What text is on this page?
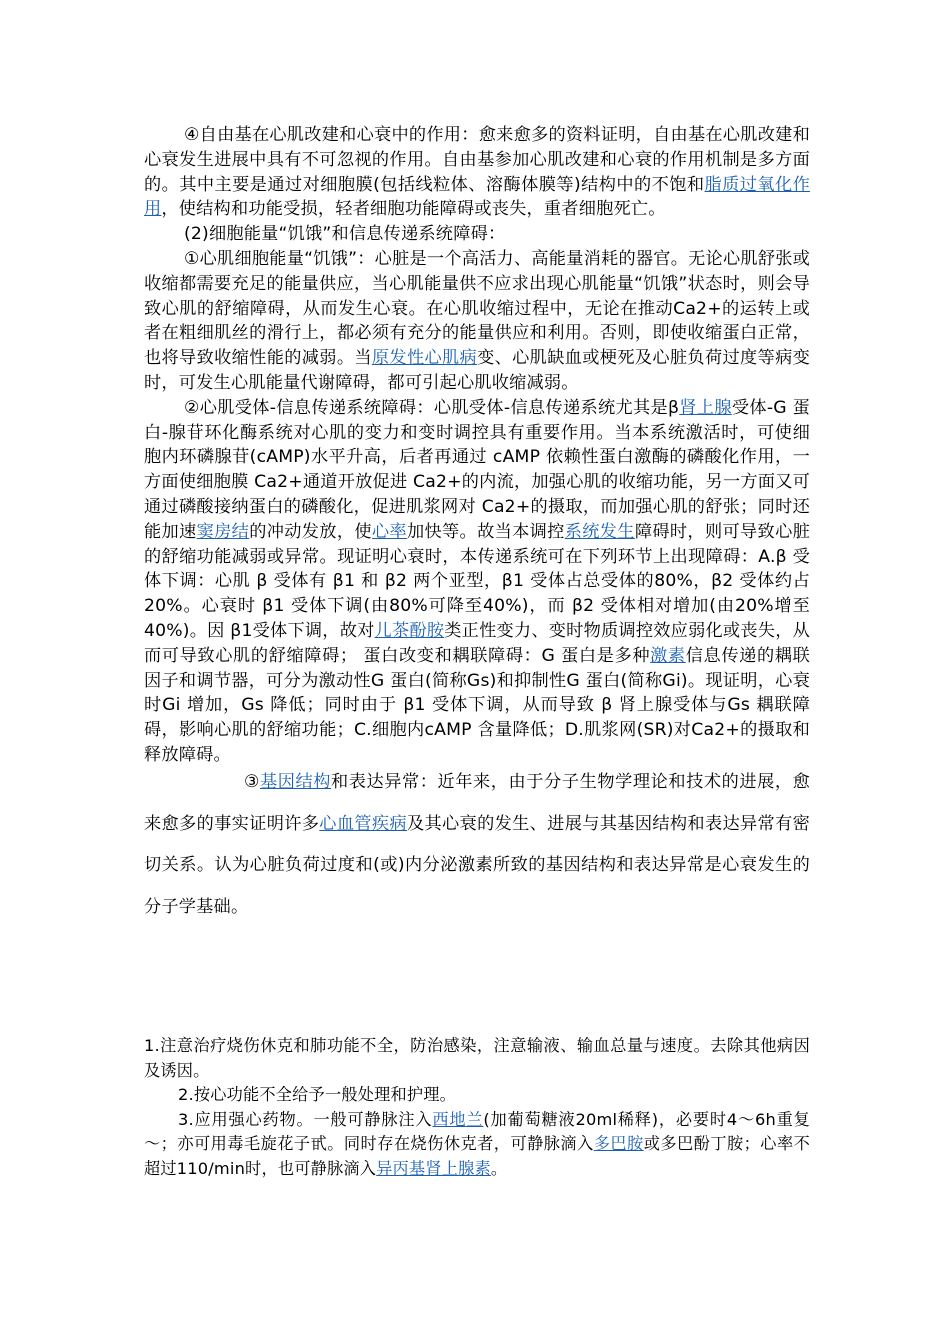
④自由基在心肌改建和心衰中的作用：愈来愈多的资料证明，自由基在心肌改建和心衰发生进展中具有不可忽视的作用。自由基参加心肌改建和心衰的作用机制是多方面的。其中主要是通过对细胞膜(包括线粒体、溶酶体膜等)结构中的不饱和脂质过氧化作用，使结构和功能受损，轻者细胞功能障碍或丧失，重者细胞死亡。

(2)细胞能量“饥饿”和信息传递系统障碍：

①心肌细胞能量“饥饿”：心脏是一个高活力、高能量消耗的器官。无论心肌舒张或收缩都需要充足的能量供应，当心肌能量供不应求出现心肌能量“饥饿”状态时，则会导致心肌的舒缩障碍，从而发生心衰。在心肌收缩过程中，无论在推动Ca2+的运转上或者在粗细肌丝的滑行上，都必须有充分的能量供应和利用。否则，即使收缩蛋白正常，也将导致收缩性能的减弱。当原发性心肌病变、心肌缺血或梗死及心脏负荷过度等病变时，可发生心肌能量代谢障碍，都可引起心肌收缩减弱。

②心肌受体-信息传递系统障碍：心肌受体-信息传递系统尤其是β肾上腺受体-G 蛋白-腺苷环化酶系统对心肌的变力和变时调控具有重要作用。当本系统激活时，可使细胞内环磷腺苷(cAMP)水平升高，后者再通过 cAMP 依赖性蛋白激酶的磷酸化作用，一方面使细胞膜 Ca2+通道开放促进 Ca2+的内流，加强心肌的收缩功能，另一方面又可通过磷酸接纳蛋白的磷酸化，促进肌浆网对 Ca2+的摄取，而加强心肌的舒张；同时还能加速窦房结的冲动发放，使心率加快等。故当本调控系统发生障碍时，则可导致心脏的舒缩功能减弱或异常。现证明心衰时，本传递系统可在下列环节上出现障碍：A.β 受体下调：心肌 β 受体有 β1 和 β2 两个亚型，β1 受体占总受体的80%，β2 受体约占20%。心衰时 β1 受体下调(由80%可降至40%)，而 β2 受体相对增加(由20%增至40%)。因 β1受体下调，故对儿茶酚胺类正性变力、变时物质调控效应弱化或丧失，从而可导致心肌的舒缩障碍； 蛋白改变和耦联障碍：G 蛋白是多种激素信息传递的耦联因子和调节器，可分为激动性G 蛋白(简称Gs)和抑制性G 蛋白(简称Gi)。现证明，心衰时Gi 增加，Gs 降低；同时由于 β1 受体下调，从而导致 β 肾上腺受体与Gs 耦联障碍，影响心肌的舒缩功能；C.细胞内cAMP 含量降低；D.肌浆网(SR)对Ca2+的摄取和释放障碍。

③基因结构和表达异常：近年来，由于分子生物学理论和技术的进展，愈来愈多的事实证明许多心血管疾病及其心衰的发生、进展与其基因结构和表达异常有密切关系。认为心脏负荷过度和(或)内分泌激素所致的基因结构和表达异常是心衰发生的分子学基础。

1.注意治疗烧伤休克和肺功能不全，防治感染，注意输液、输血总量与速度。去除其他病因及诱因。

2.按心功能不全给予一般处理和护理。

3.应用强心药物。一般可静脉注入西地兰(加葡萄糖液20ml稀释)，必要时4～6h重复～；亦可用毒毛旋花子甙。同时存在烧伤休克者，可静脉滴入多巴胺或多巴酚丁胺；心率不超过110/min时，也可静脉滴入异丙基肾上腺素。
